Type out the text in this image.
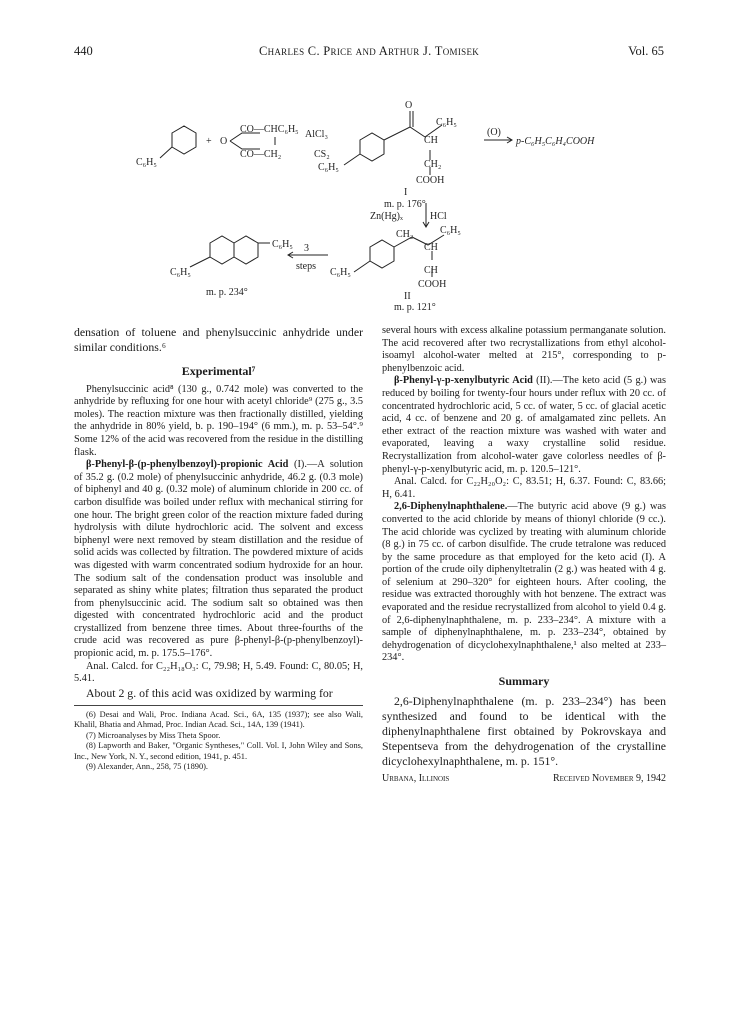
440	Charles C. Price and Arthur J. Tomisek	Vol. 65
C₆H₅
+ O
CO—CHC₆H₅
CO—CH₂
AlCl₃
CS₂
C₆H₅
O
C₆H₅
CH
CH₂
COOH
(O)
p-C₆H₅C₆H₄COOH
I
m. p. 176°
Zn(Hg)ₓ	HCl
CH₂	C₆H₅
CH
CH
COOH
C₆H₅
II
m. p. 121°
3
steps
C₆H₅
C₆H₅
m. p. 234°

densation of toluene and phenylsuccinic anhydride under similar conditions.⁶

Experimental⁷

Phenylsuccinic acid⁸ (130 g., 0.742 mole) was converted to the anhydride by refluxing for one hour with acetyl chloride⁹ (275 g., 3.5 moles). The reaction mixture was then fractionally distilled, yielding the anhydride in 80% yield, b. p. 190–194° (6 mm.), m. p. 53–54°.⁹ Some 12% of the acid was recovered from the residue in the distilling flask.

β-Phenyl-β-(p-phenylbenzoyl)-propionic Acid (I).—A solution of 35.2 g. (0.2 mole) of phenylsuccinic anhydride, 46.2 g. (0.3 mole) of biphenyl and 40 g. (0.32 mole) of aluminum chloride in 200 cc. of carbon disulfide was boiled under reflux with mechanical stirring for one hour. The bright green color of the reaction mixture faded during hydrolysis with dilute hydrochloric acid. The solvent and excess biphenyl were next removed by steam distillation and the residue of solid acids was collected by filtration. The powdered mixture of acids was digested with warm concentrated sodium hydroxide for an hour. The sodium salt of the condensation product was insoluble and separated as shiny white plates; filtration thus separated the product from phenylsuccinic acid. The sodium salt so obtained was then digested with concentrated hydrochloric acid and the product crystallized from benzene three times. About three-fourths of the crude acid was recovered as pure β-phenyl-β-(p-phenylbenzoyl)-propionic acid, m. p. 175.5–176°.

Anal. Calcd. for C₂₂H₁₈O₃: C, 79.98; H, 5.49. Found: C, 80.05; H, 5.41.

About 2 g. of this acid was oxidized by warming for

(6) Desai and Wali, Proc. Indiana Acad. Sci., 6A, 135 (1937); see also Wali, Khalil, Bhatia and Ahmad, Proc. Indian Acad. Sci., 14A, 139 (1941).

(7) Microanalyses by Miss Theta Spoor.

(8) Lapworth and Baker, "Organic Syntheses," Coll. Vol. I, John Wiley and Sons, Inc., New York, N. Y., second edition, 1941, p. 451.

(9) Alexander, Ann., 258, 75 (1890).

several hours with excess alkaline potassium permanganate solution. The acid recovered after two recrystallizations from ethyl alcohol-isoamyl alcohol-water melted at 215°, corresponding to p-phenylbenzoic acid.

β-Phenyl-γ-p-xenylbutyric Acid (II).—The keto acid (5 g.) was reduced by boiling for twenty-four hours under reflux with 20 cc. of concentrated hydrochloric acid, 5 cc. of water, 5 cc. of glacial acetic acid, 4 cc. of benzene and 20 g. of amalgamated zinc pellets. An ether extract of the reaction mixture was washed with water and evaporated, leaving a waxy crystalline solid residue. Recrystallization from alcohol-water gave colorless needles of β-phenyl-γ-p-xenylbutyric acid, m. p. 120.5–121°.

Anal. Calcd. for C₂₂H₂₀O₂: C, 83.51; H, 6.37. Found: C, 83.66; H, 6.41.

2,6-Diphenylnaphthalene.—The butyric acid above (9 g.) was converted to the acid chloride by means of thionyl chloride (9 cc.). The acid chloride was cyclized by treating with aluminum chloride (8 g.) in 75 cc. of carbon disulfide. The crude tetralone was reduced by the same procedure as that employed for the keto acid (I). A portion of the crude oily diphenyltetralin (2 g.) was heated with 4 g. of selenium at 290–320° for eighteen hours. After cooling, the residue was extracted thoroughly with hot benzene. The extract was evaporated and the residue recrystallized from alcohol to yield 0.4 g. of 2,6-diphenylnaphthalene, m. p. 233–234°. A mixture with a sample of diphenylnaphthalene, m. p. 233–234°, obtained by dehydrogenation of dicyclohexylnaphthalene,¹ also melted at 233–234°.

Summary

2,6-Diphenylnaphthalene (m. p. 233–234°) has been synthesized and found to be identical with the diphenylnaphthalene first obtained by Pokrovskaya and Stepentseva from the dehydrogenation of the crystalline dicyclohexylnaphthalene, m. p. 151°.

Urbana, Illinois	Received November 9, 1942
